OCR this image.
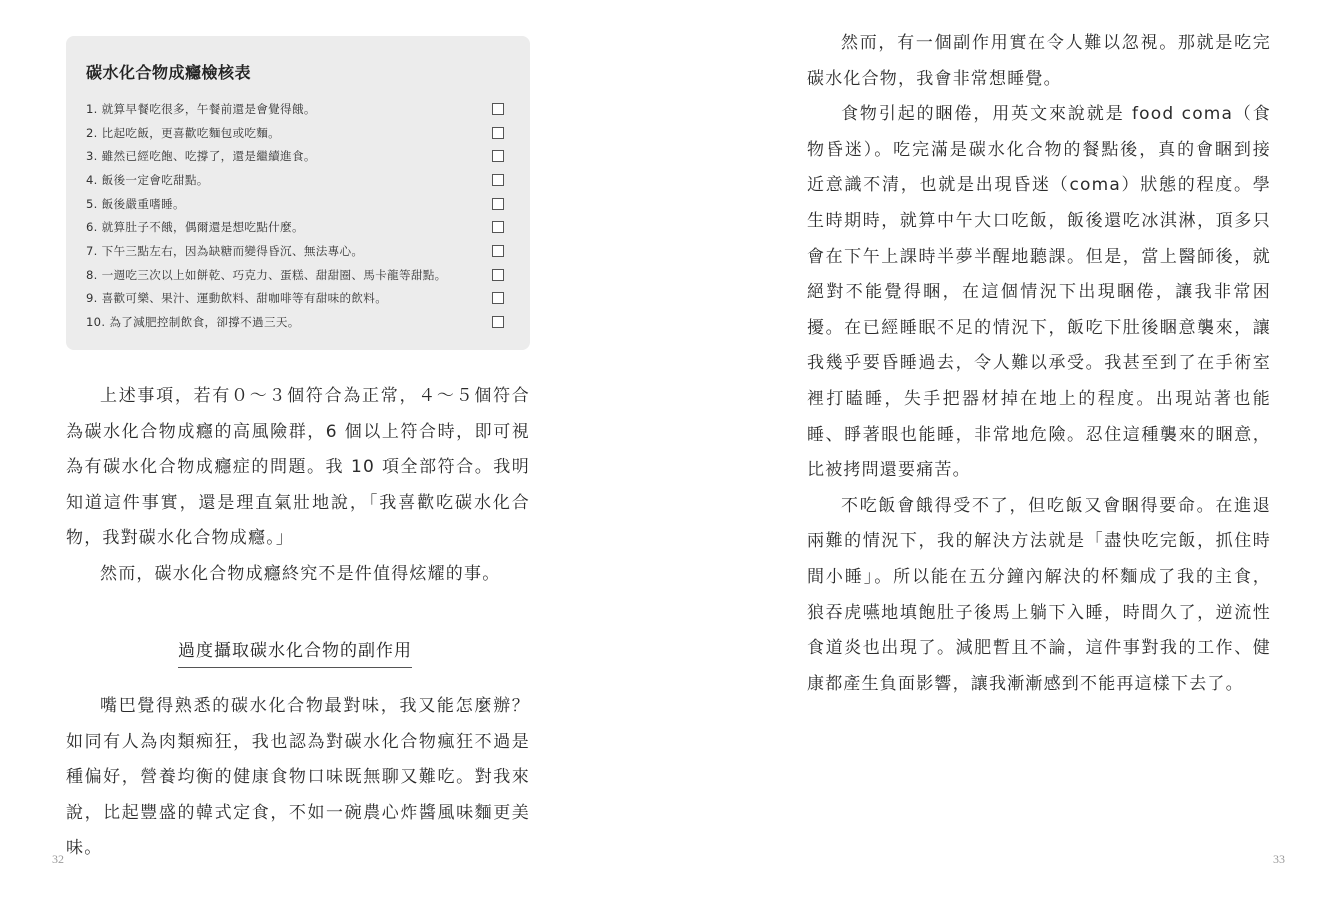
碳水化合物成癮檢核表
1. 就算早餐吃很多，午餐前還是會覺得餓。
2. 比起吃飯，更喜歡吃麵包或吃麵。
3. 雖然已經吃飽、吃撐了，還是繼續進食。
4. 飯後一定會吃甜點。
5. 飯後嚴重嗜睡。
6. 就算肚子不餓，偶爾還是想吃點什麼。
7. 下午三點左右，因為缺糖而變得昏沉、無法專心。
8. 一週吃三次以上如餅乾、巧克力、蛋糕、甜甜圈、馬卡龍等甜點。
9. 喜歡可樂、果汁、運動飲料、甜咖啡等有甜味的飲料。
10. 為了減肥控制飲食，卻撐不過三天。

上述事項，若有０～３個符合為正常，４～５個符合為碳水化合物成癮的高風險群，6 個以上符合時，即可視為有碳水化合物成癮症的問題。我 10 項全部符合。我明知道這件事實，還是理直氣壯地說，「我喜歡吃碳水化合物，我對碳水化合物成癮。」

然而，碳水化合物成癮終究不是件值得炫耀的事。

過度攝取碳水化合物的副作用

嘴巴覺得熟悉的碳水化合物最對味，我又能怎麼辦？如同有人為肉類痴狂，我也認為對碳水化合物瘋狂不過是種偏好，營養均衡的健康食物口味既無聊又難吃。對我來說，比起豐盛的韓式定食，不如一碗農心炸醬風味麵更美味。

32

然而，有一個副作用實在令人難以忽視。那就是吃完碳水化合物，我會非常想睡覺。

食物引起的睏倦，用英文來說就是 food coma（食物昏迷）。吃完滿是碳水化合物的餐點後，真的會睏到接近意識不清，也就是出現昏迷（coma）狀態的程度。學生時期時，就算中午大口吃飯，飯後還吃冰淇淋，頂多只會在下午上課時半夢半醒地聽課。但是，當上醫師後，就絕對不能覺得睏，在這個情況下出現睏倦，讓我非常困擾。在已經睡眠不足的情況下，飯吃下肚後睏意襲來，讓我幾乎要昏睡過去，令人難以承受。我甚至到了在手術室裡打瞌睡，失手把器材掉在地上的程度。出現站著也能睡、睜著眼也能睡，非常地危險。忍住這種襲來的睏意，比被拷問還要痛苦。

不吃飯會餓得受不了，但吃飯又會睏得要命。在進退兩難的情況下，我的解決方法就是「盡快吃完飯，抓住時間小睡」。所以能在五分鐘內解決的杯麵成了我的主食，狼吞虎嚥地填飽肚子後馬上躺下入睡，時間久了，逆流性食道炎也出現了。減肥暫且不論，這件事對我的工作、健康都產生負面影響，讓我漸漸感到不能再這樣下去了。

33
